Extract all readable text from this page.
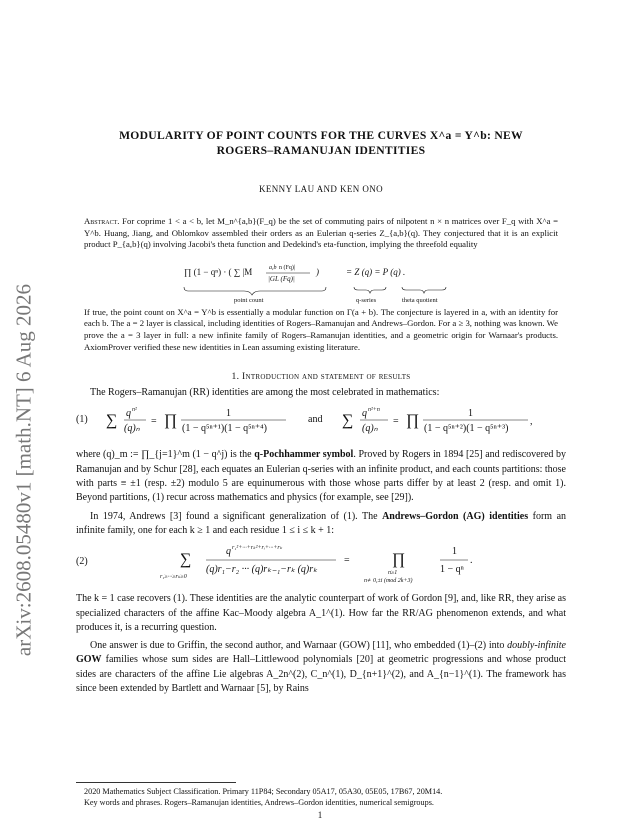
arXiv:2608.05480v1 [math.NT] 6 Aug 2026

MODULARITY OF POINT COUNTS FOR THE CURVES X^a = Y^b: NEW

ROGERS–RAMANUJAN IDENTITIES

KENNY LAU AND KEN ONO
Abstract. For coprime 1 < a < b, let M_n^{a,b}(F_q) be the set of commuting pairs of nilpotent n × n matrices over F_q with X^a = Y^b. Huang, Jiang, and Oblomkov assembled their orders as an Eulerian q-series Z_{a,b}(q). They conjectured that it is an explicit product P_{a,b}(q) involving Jacobi's theta function and Dedekind's eta-function, implying the threefold equality
∏ (1 − qⁿ) · ( ∑ |M	a,b n (Fq)|
|GL (Fq)|
)	= Z (q) = P (q) .
point count	q-series	theta quotient
If true, the point count on X^a = Y^b is essentially a modular function on Γ(a + b). The conjecture is layered in a, with an identity for each b. The a = 2 layer is classical, including identities of Rogers–Ramanujan and Andrews–Gordon. For a ≥ 3, nothing was known. We prove the a = 3 layer in full: a new infinite family of Rogers–Ramanujan identities, and a geometric origin for Warnaar's products. AxiomProver verified these new identities in Lean assuming existing literature.
1. Introduction and statement of results

The Rogers–Ramanujan (RR) identities are among the most celebrated in mathematics:

(1) ∑ q n²
(q)ₙ
= ∏	1
(1 − q⁵ⁿ⁺¹)(1 − q⁵ⁿ⁺⁴)	∑ q n²+n
(q)ₙ
= ∏	1
(1 − q⁵ⁿ⁺²)(1 − q⁵ⁿ⁺³)
,
and

where (q)_m := ∏_{j=1}^m (1 − q^j) is the q-Pochhammer symbol. Proved by Rogers in 1894 [25] and rediscovered by Ramanujan and by Schur [28], each equates an Eulerian q-series with an infinite product, and each counts partitions: those with parts ≡ ±1 (resp. ±2) modulo 5 are equinumerous with those whose parts differ by at least 2 (resp. and omit 1). Beyond partitions, (1) recur across mathematics and physics (for example, see [29]).

In 1974, Andrews [3] found a significant generalization of (1). The Andrews–Gordon (AG) identities form an infinite family, one for each k ≥ 1 and each residue 1 ≤ i ≤ k + 1:

(2)	∑
r₁≥···≥rₖ≥0
q r₁²+···+rₖ²+rᵢ+···+rₖ
(q)r₁−r₂ ··· (q)rₖ₋₁−rₖ (q)rₖ
=	∏
n≥1
n≢0,±i (mod 2k+3)
1
1 − qⁿ
.

The k = 1 case recovers (1). These identities are the analytic counterpart of work of Gordon [9], and, like RR, they arise as specialized characters of the affine Kac–Moody algebra A_1^(1). How far the RR/AG phenomenon extends, and what produces it, is a recurring question.

One answer is due to Griffin, the second author, and Warnaar (GOW) [11], who embedded (1)–(2) into doubly-infinite GOW families whose sum sides are Hall–Littlewood polynomials [20] at geometric progressions and whose product sides are characters of the affine Lie algebras A_2n^(2), C_n^(1), D_{n+1}^(2), and A_{n−1}^(1). The framework has since been extended by Bartlett and Warnaar [5], by Rains

2020 Mathematics Subject Classification. Primary 11P84; Secondary 05A17, 05A30, 05E05, 17B67, 20M14.
Key words and phrases. Rogers–Ramanujan identities, Andrews–Gordon identities, numerical semigroups.
1
